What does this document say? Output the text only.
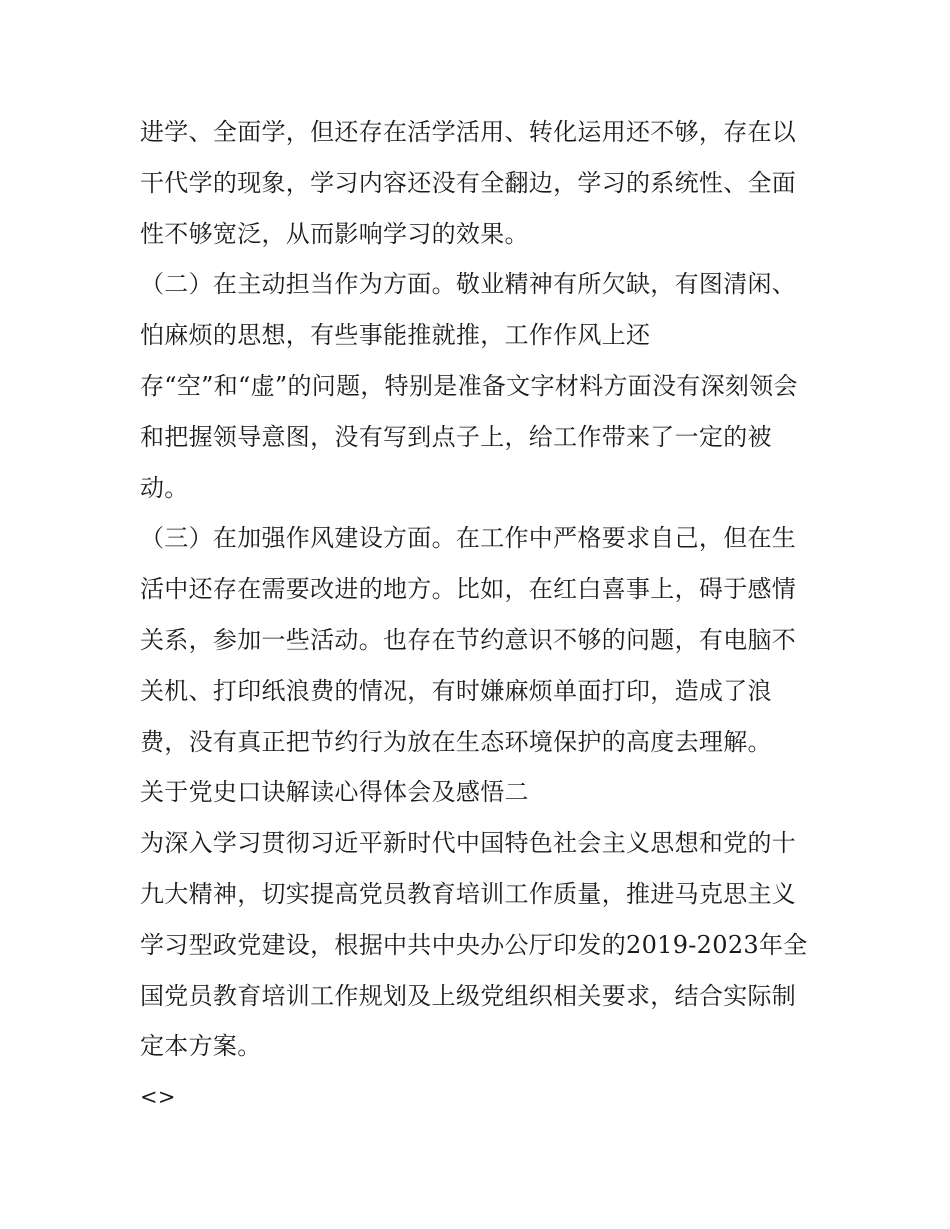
进学、全面学，但还存在活学活用、转化运用还不够，存在以
干代学的现象，学习内容还没有全翻边，学习的系统性、全面
性不够宽泛，从而影响学习的效果。
（二）在主动担当作为方面。敬业精神有所欠缺，有图清闲、
怕麻烦的思想，有些事能推就推，工作作风上还
存“空”和“虚”的问题，特别是准备文字材料方面没有深刻领会
和把握领导意图，没有写到点子上，给工作带来了一定的被
动。
（三）在加强作风建设方面。在工作中严格要求自己，但在生
活中还存在需要改进的地方。比如，在红白喜事上，碍于感情
关系，参加一些活动。也存在节约意识不够的问题，有电脑不
关机、打印纸浪费的情况，有时嫌麻烦单面打印，造成了浪
费，没有真正把节约行为放在生态环境保护的高度去理解。
关于党史口诀解读心得体会及感悟二
为深入学习贯彻习近平新时代中国特色社会主义思想和党的十
九大精神，切实提高党员教育培训工作质量，推进马克思主义
学习型政党建设，根据中共中央办公厅印发的2019-2023年全
国党员教育培训工作规划及上级党组织相关要求，结合实际制
定本方案。
<>
